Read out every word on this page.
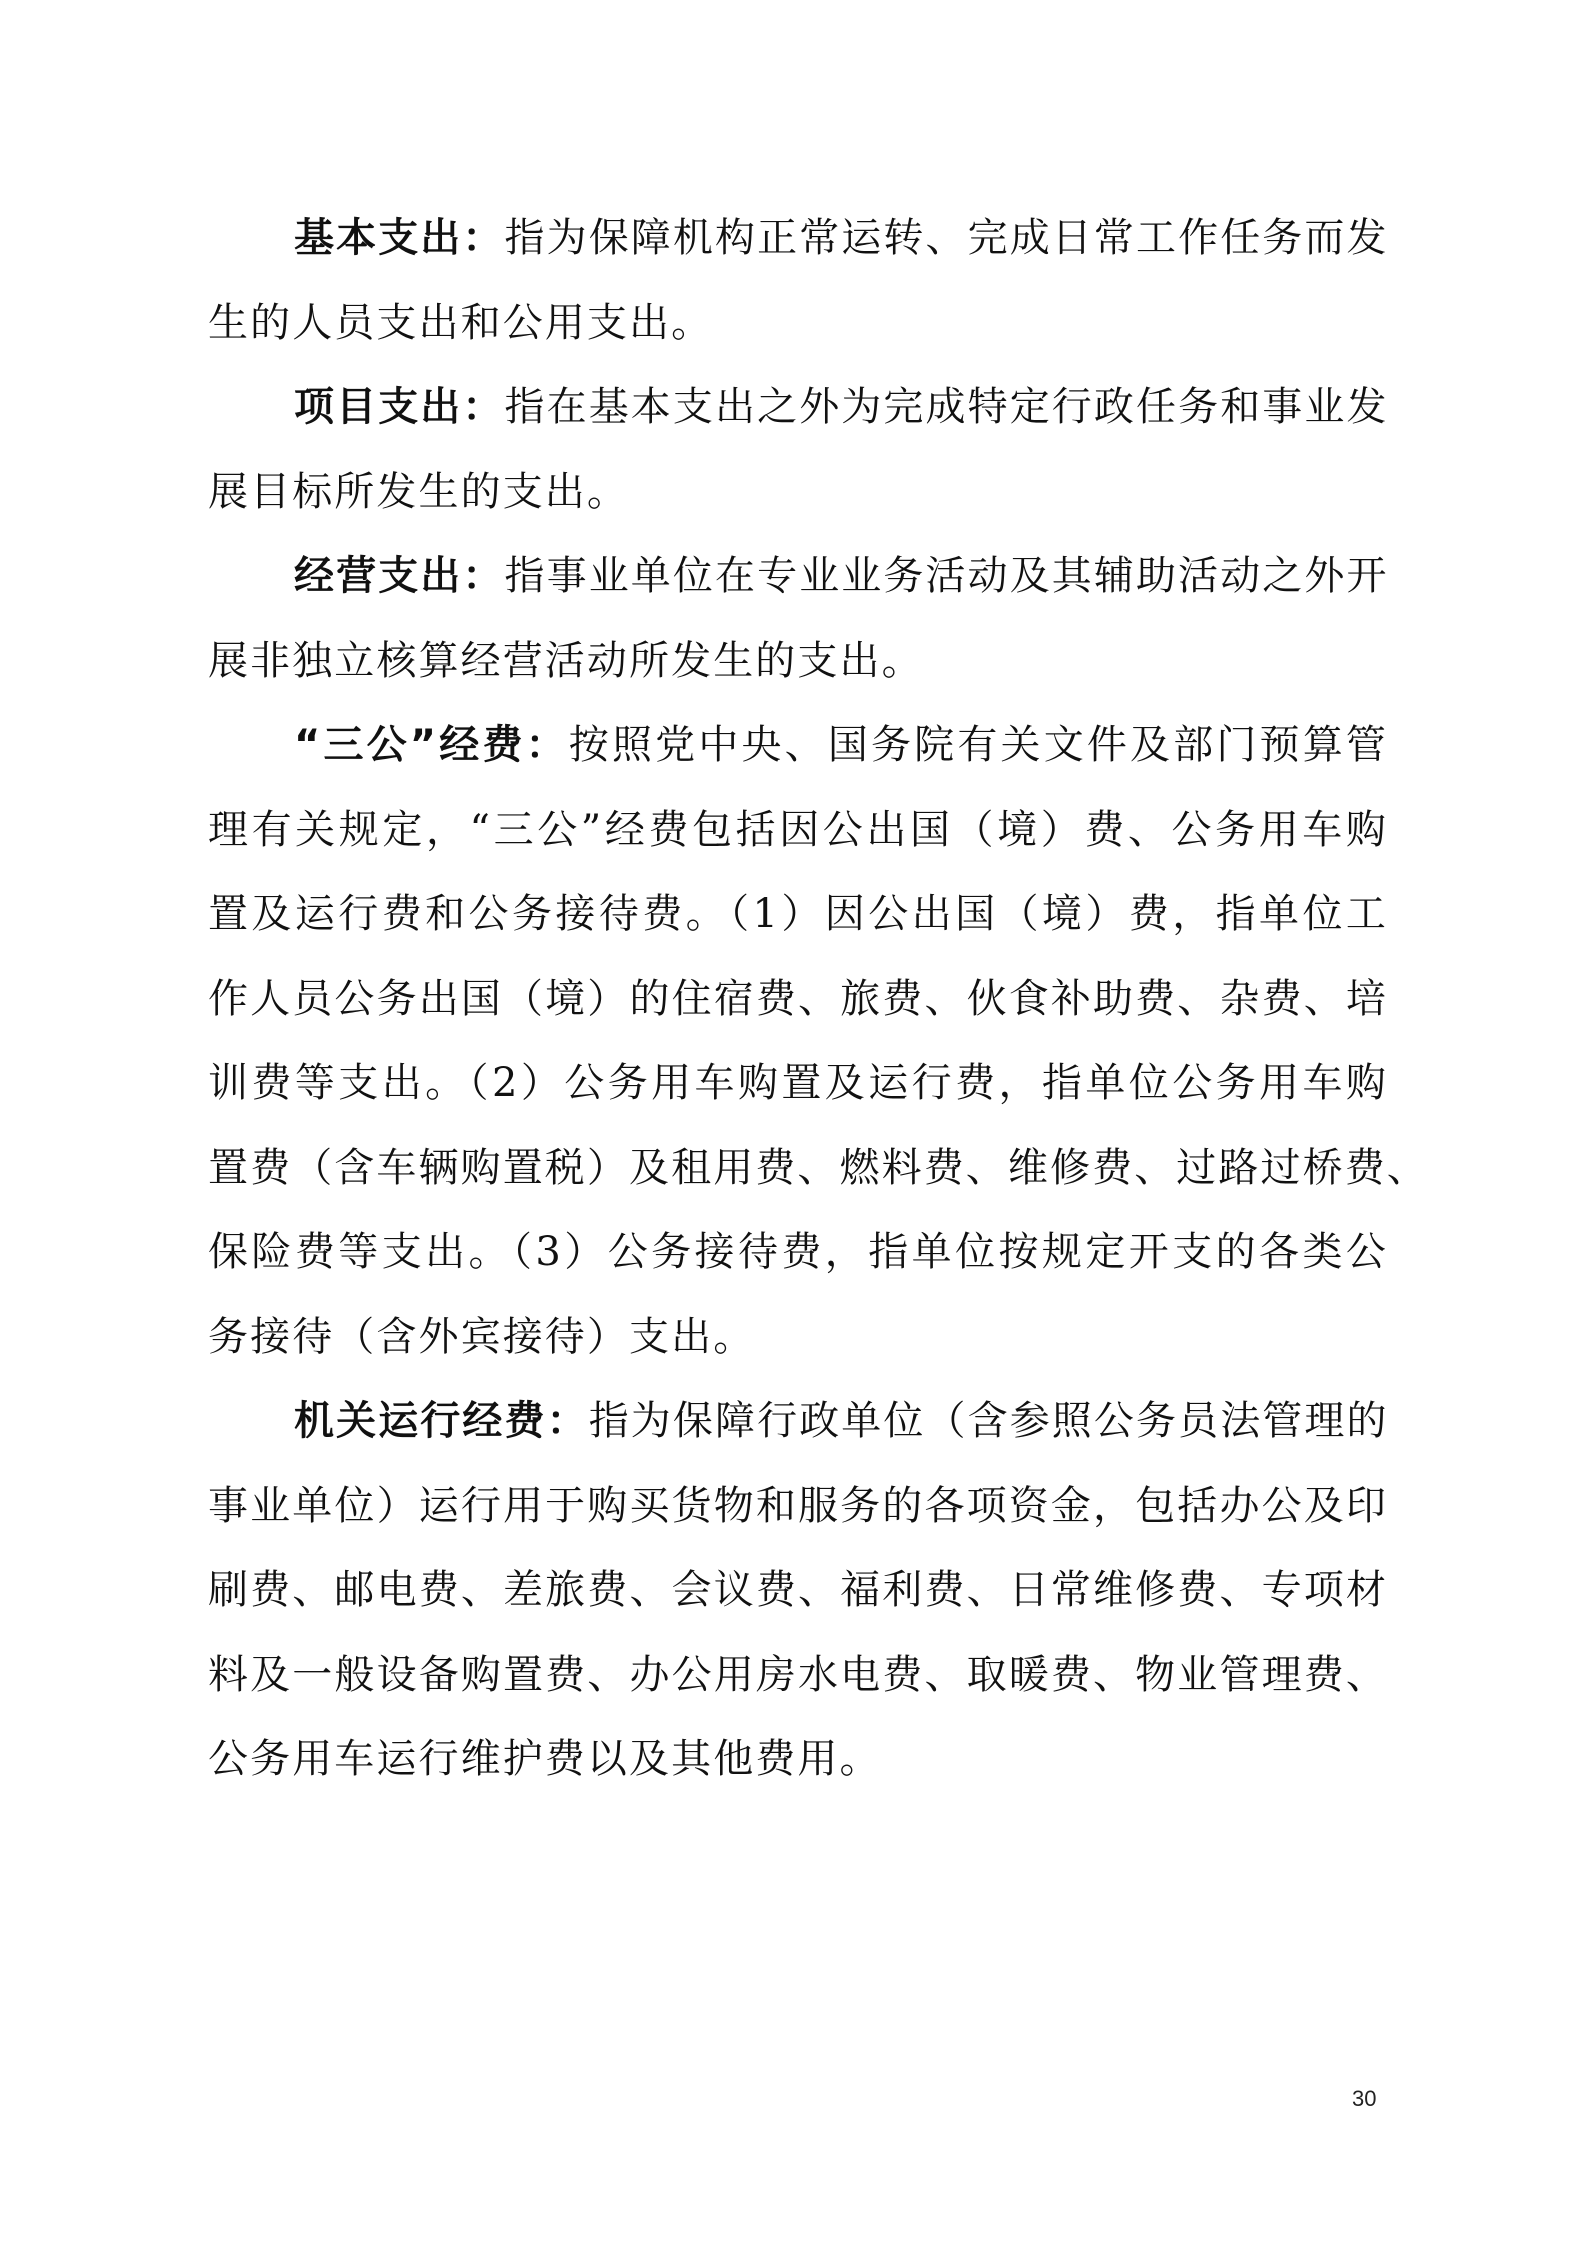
基本支出：指为保障机构正常运转、完成日常工作任务而发
生的人员支出和公用支出。
项目支出：指在基本支出之外为完成特定行政任务和事业发
展目标所发生的支出。
经营支出：指事业单位在专业业务活动及其辅助活动之外开
展非独立核算经营活动所发生的支出。
“三公”经费：按照党中央、国务院有关文件及部门预算管
理有关规定，“三公”经费包括因公出国（境）费、公务用车购
置及运行费和公务接待费。（1）因公出国（境）费，指单位工
作人员公务出国（境）的住宿费、旅费、伙食补助费、杂费、培
训费等支出。（2）公务用车购置及运行费，指单位公务用车购
置费（含车辆购置税）及租用费、燃料费、维修费、过路过桥费、
保险费等支出。（3）公务接待费，指单位按规定开支的各类公
务接待（含外宾接待）支出。
机关运行经费：指为保障行政单位（含参照公务员法管理的
事业单位）运行用于购买货物和服务的各项资金，包括办公及印
刷费、邮电费、差旅费、会议费、福利费、日常维修费、专项材
料及一般设备购置费、办公用房水电费、取暖费、物业管理费、
公务用车运行维护费以及其他费用。
30
